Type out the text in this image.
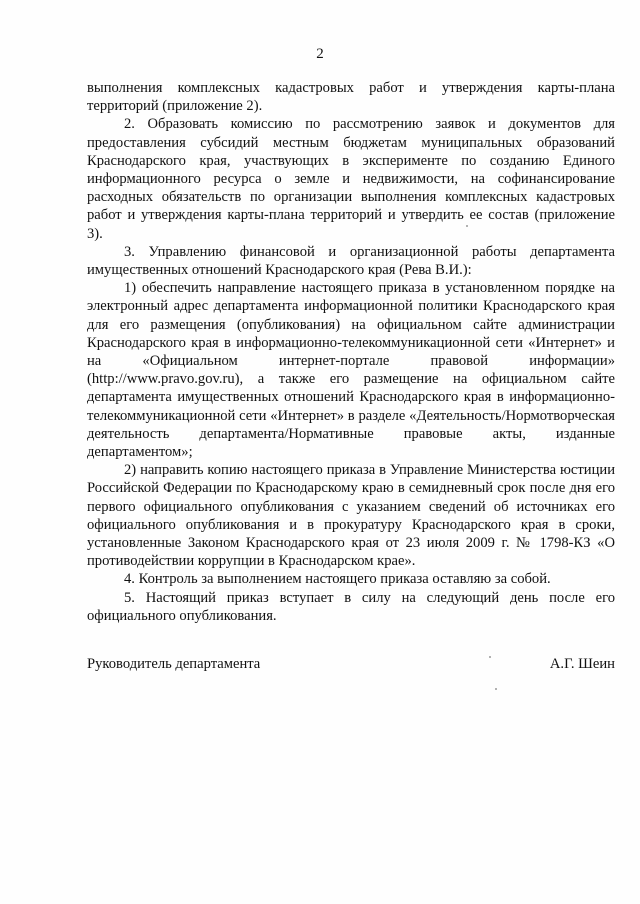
2

выполнения комплексных кадастровых работ и утверждения карты-плана территорий (приложение 2).

2. Образовать комиссию по рассмотрению заявок и документов для предоставления субсидий местным бюджетам муниципальных образований Краснодарского края, участвующих в эксперименте по созданию Единого информационного ресурса о земле и недвижимости, на софинансирование расходных обязательств по организации выполнения комплексных кадастровых работ и утверждения карты-плана территорий и утвердить ее состав (приложение 3).

3. Управлению финансовой и организационной работы департамента имущественных отношений Краснодарского края (Рева В.И.):

1) обеспечить направление настоящего приказа в установленном порядке на электронный адрес департамента информационной политики Краснодарского края для его размещения (опубликования) на официальном сайте администрации Краснодарского края в информационно-телекоммуникационной сети «Интернет» и на «Официальном интернет-портале правовой информации» (http://www.pravo.gov.ru), а также его размещение на официальном сайте департамента имущественных отношений Краснодарского края в информационно-телекоммуникационной сети «Интернет» в разделе «Деятельность/Нормотворческая деятельность департамента/Нормативные правовые акты, изданные департаментом»;

2) направить копию настоящего приказа в Управление Министерства юстиции Российской Федерации по Краснодарскому краю в семидневный срок после дня его первого официального опубликования с указанием сведений об источниках его официального опубликования и в прокуратуру Краснодарского края в сроки, установленные Законом Краснодарского края от 23 июля 2009 г. № 1798-КЗ «О противодействии коррупции в Краснодарском крае».

4. Контроль за выполнением настоящего приказа оставляю за собой.

5. Настоящий приказ вступает в силу на следующий день после его официального опубликования.

Руководитель департамента	А.Г. Шеин
